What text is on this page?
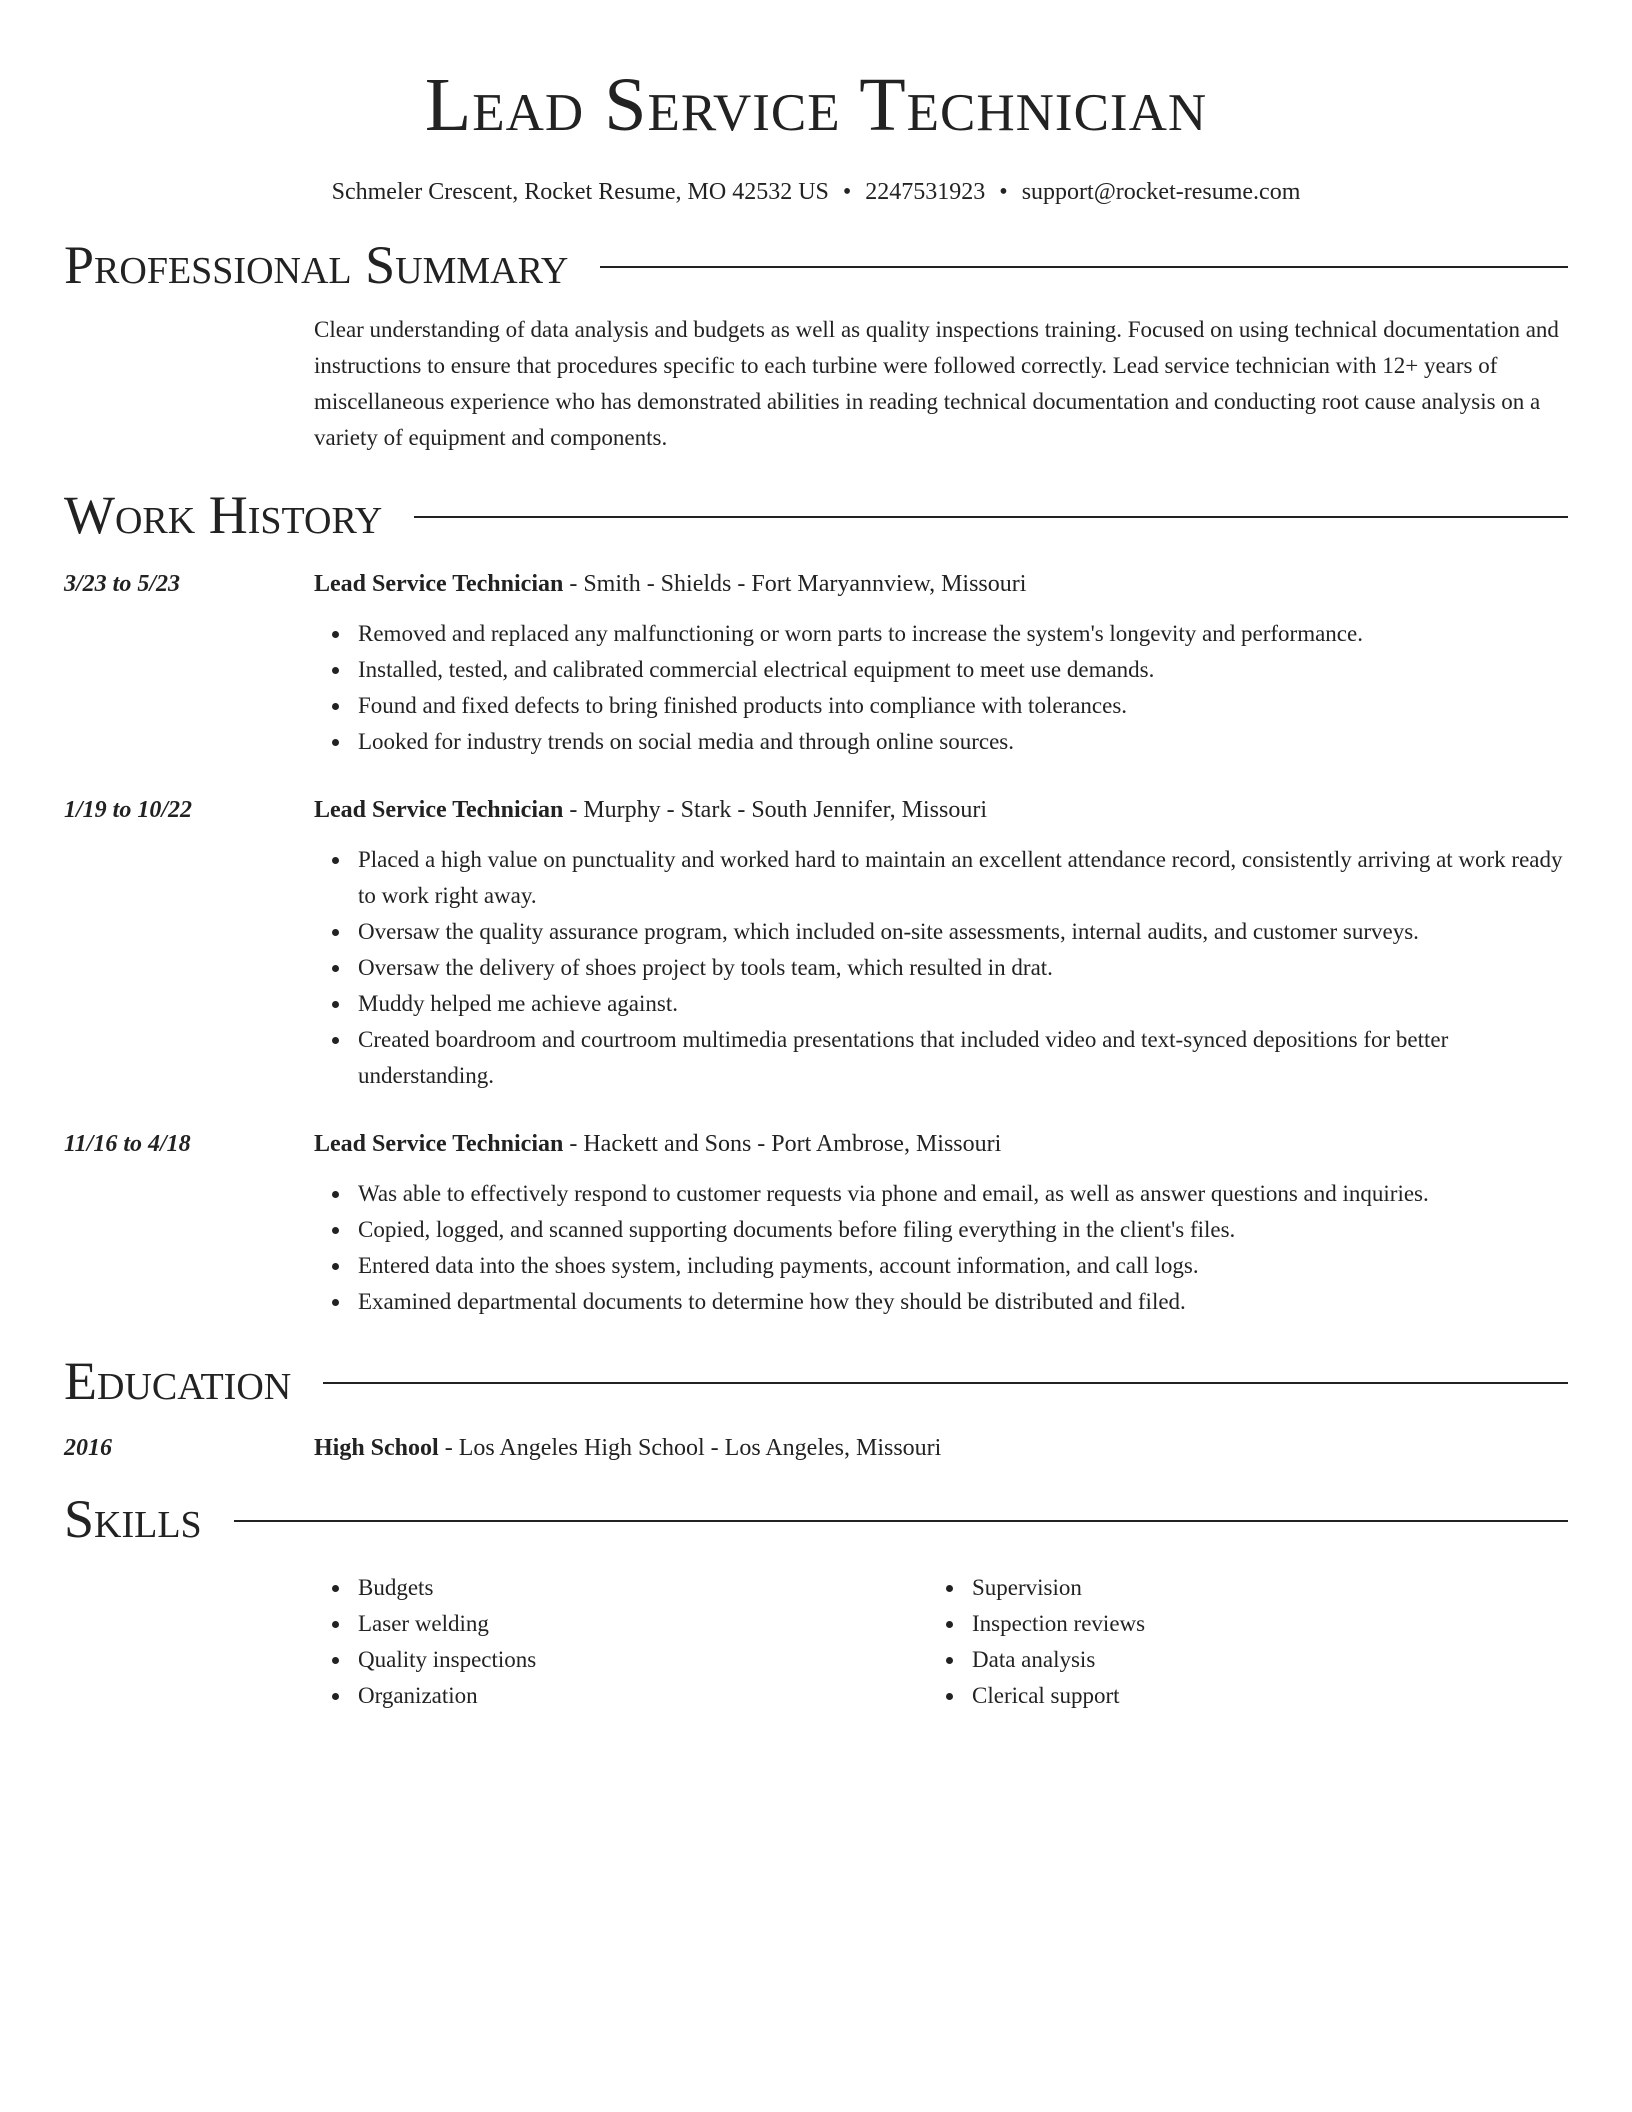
Lead Service Technician
Schmeler Crescent, Rocket Resume, MO 42532 US • 2247531923 • support@rocket-resume.com
Professional Summary
Clear understanding of data analysis and budgets as well as quality inspections training. Focused on using technical documentation and instructions to ensure that procedures specific to each turbine were followed correctly. Lead service technician with 12+ years of miscellaneous experience who has demonstrated abilities in reading technical documentation and conducting root cause analysis on a variety of equipment and components.
Work History
3/23 to 5/23	Lead Service Technician - Smith - Shields - Fort Maryannview, Missouri
Removed and replaced any malfunctioning or worn parts to increase the system's longevity and performance.
Installed, tested, and calibrated commercial electrical equipment to meet use demands.
Found and fixed defects to bring finished products into compliance with tolerances.
Looked for industry trends on social media and through online sources.
1/19 to 10/22	Lead Service Technician - Murphy - Stark - South Jennifer, Missouri
Placed a high value on punctuality and worked hard to maintain an excellent attendance record, consistently arriving at work ready to work right away.
Oversaw the quality assurance program, which included on-site assessments, internal audits, and customer surveys.
Oversaw the delivery of shoes project by tools team, which resulted in drat.
Muddy helped me achieve against.
Created boardroom and courtroom multimedia presentations that included video and text-synced depositions for better understanding.
11/16 to 4/18	Lead Service Technician - Hackett and Sons - Port Ambrose, Missouri
Was able to effectively respond to customer requests via phone and email, as well as answer questions and inquiries.
Copied, logged, and scanned supporting documents before filing everything in the client's files.
Entered data into the shoes system, including payments, account information, and call logs.
Examined departmental documents to determine how they should be distributed and filed.
Education
2016	High School - Los Angeles High School - Los Angeles, Missouri
Skills
Budgets
Laser welding
Quality inspections
Organization
Supervision
Inspection reviews
Data analysis
Clerical support
